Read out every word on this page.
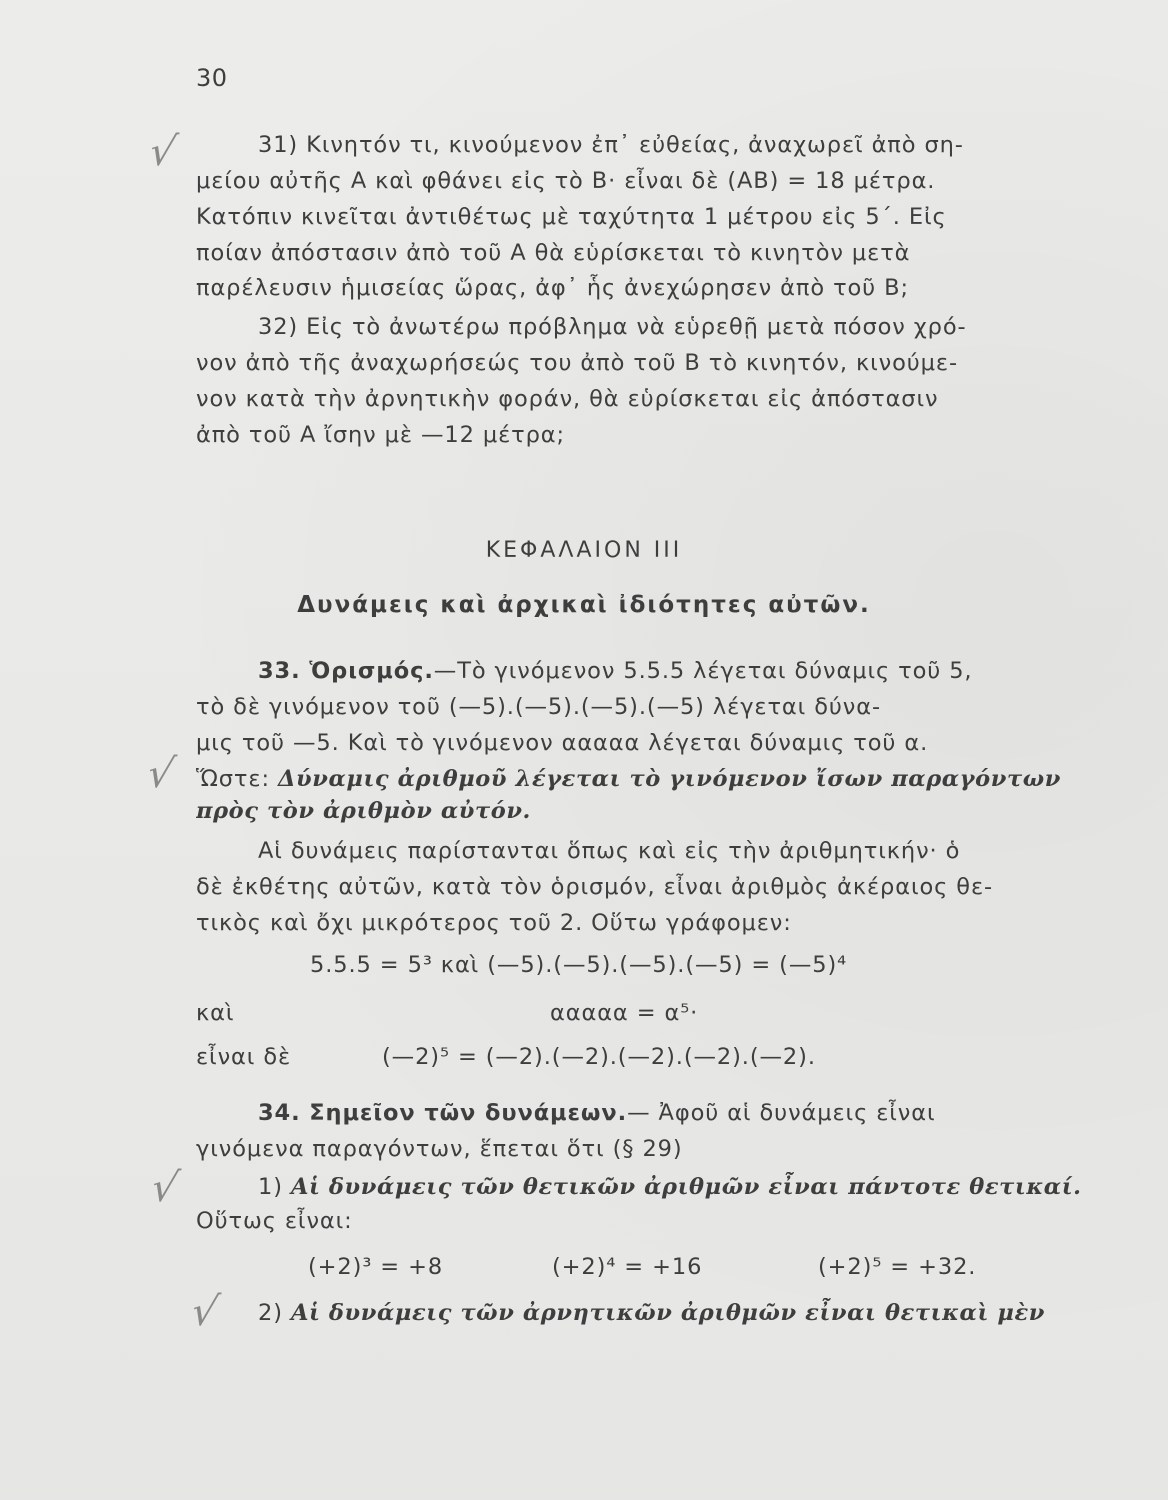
30
√
√
√
√
31) Κινητόν τι, κινούμενον ἐπ᾽ εὐθείας, ἀναχωρεῖ ἀπὸ ση-
μείου αὐτῆς Α καὶ φθάνει εἰς τὸ Β· εἶναι δὲ (ΑΒ) = 18 μέτρα.
Κατόπιν κινεῖται ἀντιθέτως μὲ ταχύτητα 1 μέτρου εἰς 5΄. Εἰς
ποίαν ἀπόστασιν ἀπὸ τοῦ Α θὰ εὑρίσκεται τὸ κινητὸν μετὰ
παρέλευσιν ἡμισείας ὥρας, ἀφ᾽ ἧς ἀνεχώρησεν ἀπὸ τοῦ Β;
32) Εἰς τὸ ἀνωτέρω πρόβλημα νὰ εὑρεθῇ μετὰ πόσον χρό-
νον ἀπὸ τῆς ἀναχωρήσεώς του ἀπὸ τοῦ Β τὸ κινητόν, κινούμε-
νον κατὰ τὴν ἀρνητικὴν φοράν, θὰ εὑρίσκεται εἰς ἀπόστασιν
ἀπὸ τοῦ Α ἴσην μὲ —12 μέτρα;
ΚΕΦΑΛΑΙΟΝ ΙΙΙ
Δυνάμεις καὶ ἀρχικαὶ ἰδιότητες αὐτῶν.
33. Ὁρισμός.—Τὸ γινόμενον 5.5.5 λέγεται δύναμις τοῦ 5,
τὸ δὲ γινόμενον τοῦ (—5).(—5).(—5).(—5) λέγεται δύνα-
μις τοῦ —5. Καὶ τὸ γινόμενον ααααα λέγεται δύναμις τοῦ α.
Ὥστε: Δύναμις ἀριθμοῦ λέγεται τὸ γινόμενον ἴσων παραγόντων
πρὸς τὸν ἀριθμὸν αὐτόν.
Αἱ δυνάμεις παρίστανται ὅπως καὶ εἰς τὴν ἀριθμητικήν· ὁ
δὲ ἐκθέτης αὐτῶν, κατὰ τὸν ὁρισμόν, εἶναι ἀριθμὸς ἀκέραιος θε-
τικὸς καὶ ὄχι μικρότερος τοῦ 2. Οὕτω γράφομεν:
5.5.5 = 5³ καὶ (—5).(—5).(—5).(—5) = (—5)⁴
καὶ	ααααα = α⁵·
εἶναι δὲ	(—2)⁵ = (—2).(—2).(—2).(—2).(—2).
34. Σημεῖον τῶν δυνάμεων.— Ἀφοῦ αἱ δυνάμεις εἶναι
γινόμενα παραγόντων, ἕπεται ὅτι (§ 29)
1) Αἱ δυνάμεις τῶν θετικῶν ἀριθμῶν εἶναι πάντοτε θετικαί.
Οὕτως εἶναι:
(+2)³ = +8	(+2)⁴ = +16	(+2)⁵ = +32.
2) Αἱ δυνάμεις τῶν ἀρνητικῶν ἀριθμῶν εἶναι θετικαὶ μὲν
